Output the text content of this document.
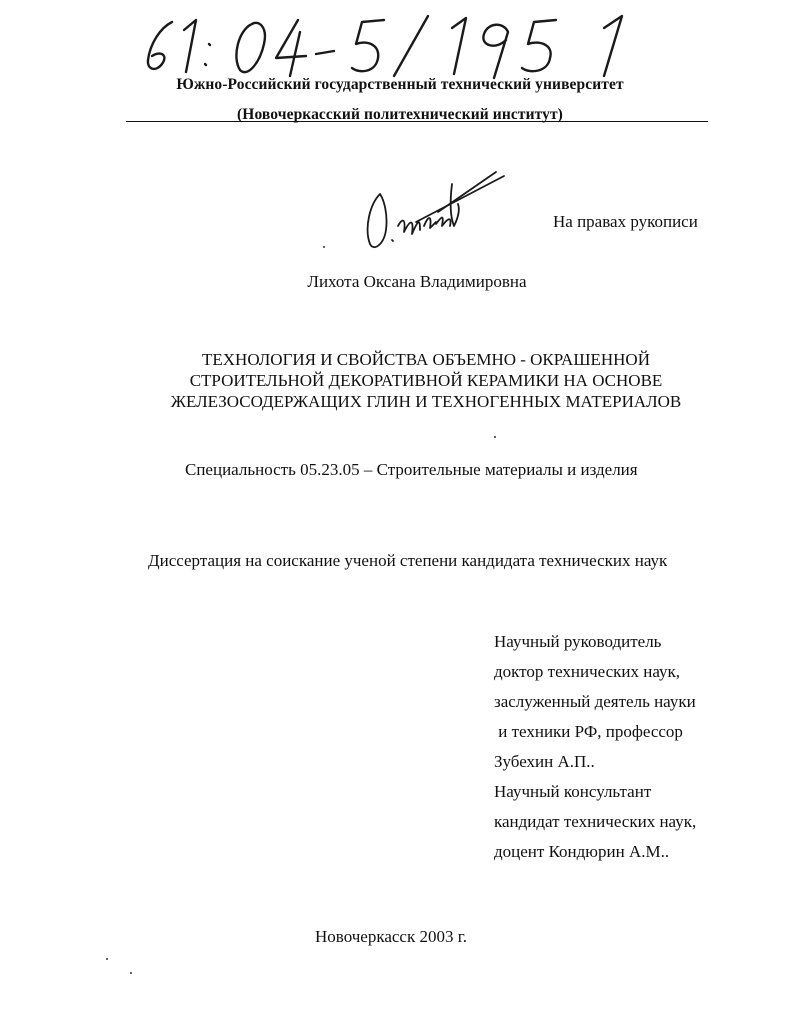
Южно-Российский государственный технический университет
(Новочеркасский политехнический институт)
На правах рукописи
Лихота Оксана Владимировна
ТЕХНОЛОГИЯ И СВОЙСТВА ОБЪЕМНО - ОКРАШЕННОЙ
СТРОИТЕЛЬНОЙ ДЕКОРАТИВНОЙ КЕРАМИКИ НА ОСНОВЕ
ЖЕЛЕЗОСОДЕРЖАЩИХ ГЛИН И ТЕХНОГЕННЫХ МАТЕРИАЛОВ
Специальность 05.23.05 – Строительные материалы и изделия
Диссертация на соискание ученой степени кандидата технических наук
Научный руководитель
доктор технических наук,
заслуженный деятель науки
и техники РФ, профессор
Зубехин А.П..
Научный консультант
кандидат технических наук,
доцент Кондюрин А.М..
Новочеркасск 2003 г.
